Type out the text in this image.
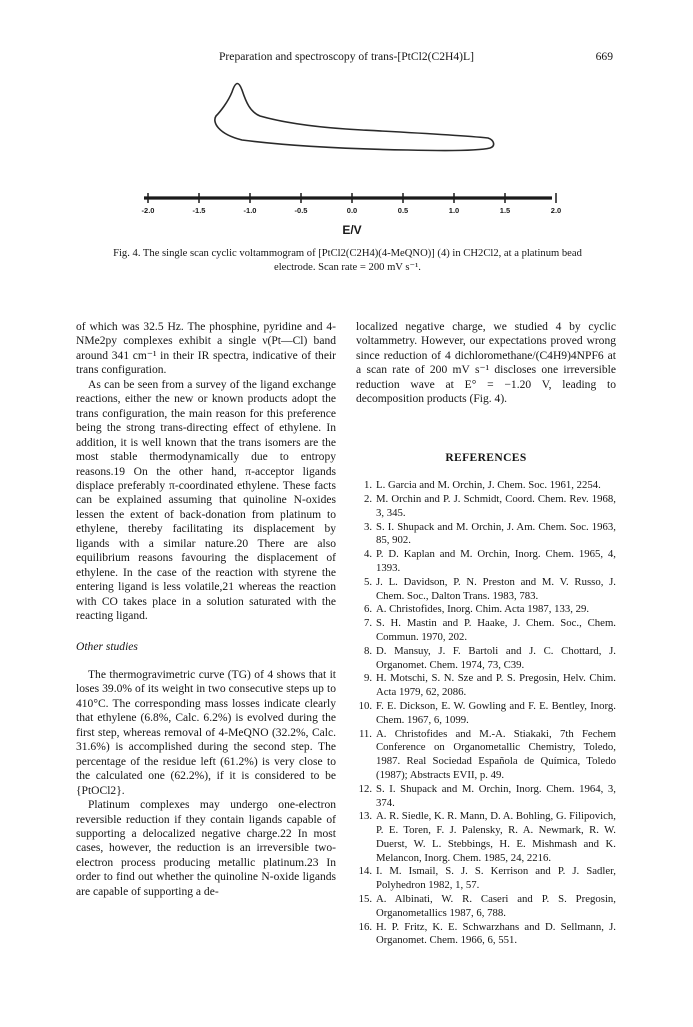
Preparation and spectroscopy of trans-[PtCl2(C2H4)L]	669
-2.0	-1.5	-1.0	-0.5	0.0	0.5	1.0	1.5	2.0
E/V
Fig. 4. The single scan cyclic voltammogram of [PtCl2(C2H4)(4-MeQNO)] (4) in CH2Cl2, at a platinum bead electrode. Scan rate = 200 mV s⁻¹.

of which was 32.5 Hz. The phosphine, pyridine and 4-NMe2py complexes exhibit a single ν(Pt—Cl) band around 341 cm⁻¹ in their IR spectra, indicative of their trans configuration.

As can be seen from a survey of the ligand exchange reactions, either the new or known products adopt the trans configuration, the main reason for this preference being the strong trans-directing effect of ethylene. In addition, it is well known that the trans isomers are the most stable thermodynamically due to entropy reasons.19 On the other hand, π-acceptor ligands displace preferably π-coordinated ethylene. These facts can be explained assuming that quinoline N-oxides lessen the extent of back-donation from platinum to ethylene, thereby facilitating its displacement by ligands with a similar nature.20 There are also equilibrium reasons favouring the displacement of ethylene. In the case of the reaction with styrene the entering ligand is less volatile,21 whereas the reaction with CO takes place in a solution saturated with the reacting ligand.

Other studies

The thermogravimetric curve (TG) of 4 shows that it loses 39.0% of its weight in two consecutive steps up to 410°C. The corresponding mass losses indicate clearly that ethylene (6.8%, Calc. 6.2%) is evolved during the first step, whereas removal of 4-MeQNO (32.2%, Calc. 31.6%) is accomplished during the second step. The percentage of the residue left (61.2%) is very close to the calculated one (62.2%), if it is considered to be {PtOCl2}.

Platinum complexes may undergo one-electron reversible reduction if they contain ligands capable of supporting a delocalized negative charge.22 In most cases, however, the reduction is an irreversible two-electron process producing metallic platinum.23 In order to find out whether the quinoline N-oxide ligands are capable of supporting a de-

localized negative charge, we studied 4 by cyclic voltammetry. However, our expectations proved wrong since reduction of 4 dichloromethane/(C4H9)4NPF6 at a scan rate of 200 mV s⁻¹ discloses one irreversible reduction wave at E° = −1.20 V, leading to decomposition products (Fig. 4).

REFERENCES
1. L. Garcia and M. Orchin, J. Chem. Soc. 1961, 2254.
2. M. Orchin and P. J. Schmidt, Coord. Chem. Rev. 1968, 3, 345.
3. S. I. Shupack and M. Orchin, J. Am. Chem. Soc. 1963, 85, 902.
4. P. D. Kaplan and M. Orchin, Inorg. Chem. 1965, 4, 1393.
5. J. L. Davidson, P. N. Preston and M. V. Russo, J. Chem. Soc., Dalton Trans. 1983, 783.
6. A. Christofides, Inorg. Chim. Acta 1987, 133, 29.
7. S. H. Mastin and P. Haake, J. Chem. Soc., Chem. Commun. 1970, 202.
8. D. Mansuy, J. F. Bartoli and J. C. Chottard, J. Organomet. Chem. 1974, 73, C39.
9. H. Motschi, S. N. Sze and P. S. Pregosin, Helv. Chim. Acta 1979, 62, 2086.
10. F. E. Dickson, E. W. Gowling and F. E. Bentley, Inorg. Chem. 1967, 6, 1099.
11. A. Christofides and M.-A. Stiakaki, 7th Fechem Conference on Organometallic Chemistry, Toledo, 1987. Real Sociedad Española de Química, Toledo (1987); Abstracts EVII, p. 49.
12. S. I. Shupack and M. Orchin, Inorg. Chem. 1964, 3, 374.
13. A. R. Siedle, K. R. Mann, D. A. Bohling, G. Filipovich, P. E. Toren, F. J. Palensky, R. A. Newmark, R. W. Duerst, W. L. Stebbings, H. E. Mishmash and K. Melancon, Inorg. Chem. 1985, 24, 2216.
14. I. M. Ismail, S. J. S. Kerrison and P. J. Sadler, Polyhedron 1982, 1, 57.
15. A. Albinati, W. R. Caseri and P. S. Pregosin, Organometallics 1987, 6, 788.
16. H. P. Fritz, K. E. Schwarzhans and D. Sellmann, J. Organomet. Chem. 1966, 6, 551.
